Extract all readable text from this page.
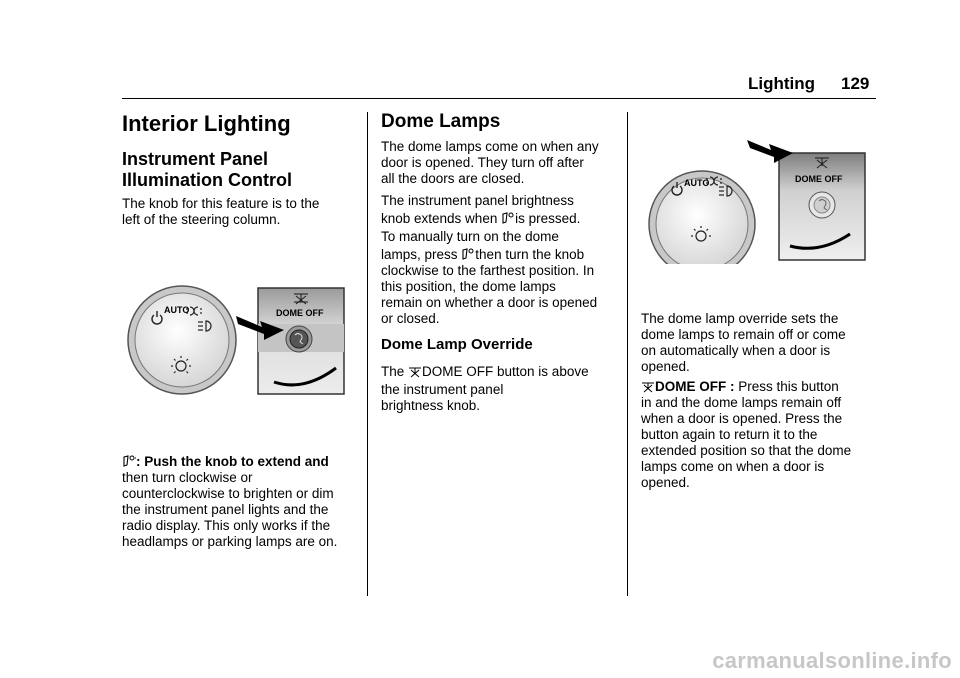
Lighting 129
Interior Lighting
Instrument Panel
Illumination Control
The knob for this feature is to the
left of the steering column.
AUTO	DOME OFF
: Push the knob to extend and
then turn clockwise or
counterclockwise to brighten or dim
the instrument panel lights and the
radio display. This only works if the
headlamps or parking lamps are on.
Dome Lamps
The dome lamps come on when any
door is opened. They turn off after
all the doors are closed.
The instrument panel brightness
knob extends when is pressed.
To manually turn on the dome
lamps, press then turn the knob
clockwise to the farthest position. In
this position, the dome lamps
remain on whether a door is opened
or closed.
Dome Lamp Override
The DOME OFF button is above
the instrument panel
brightness knob.
AUTO	DOME OFF
The dome lamp override sets the
dome lamps to remain off or come
on automatically when a door is
opened.
DOME OFF : Press this button
in and the dome lamps remain off
when a door is opened. Press the
button again to return it to the
extended position so that the dome
lamps come on when a door is
opened.
carmanualsonline.info
